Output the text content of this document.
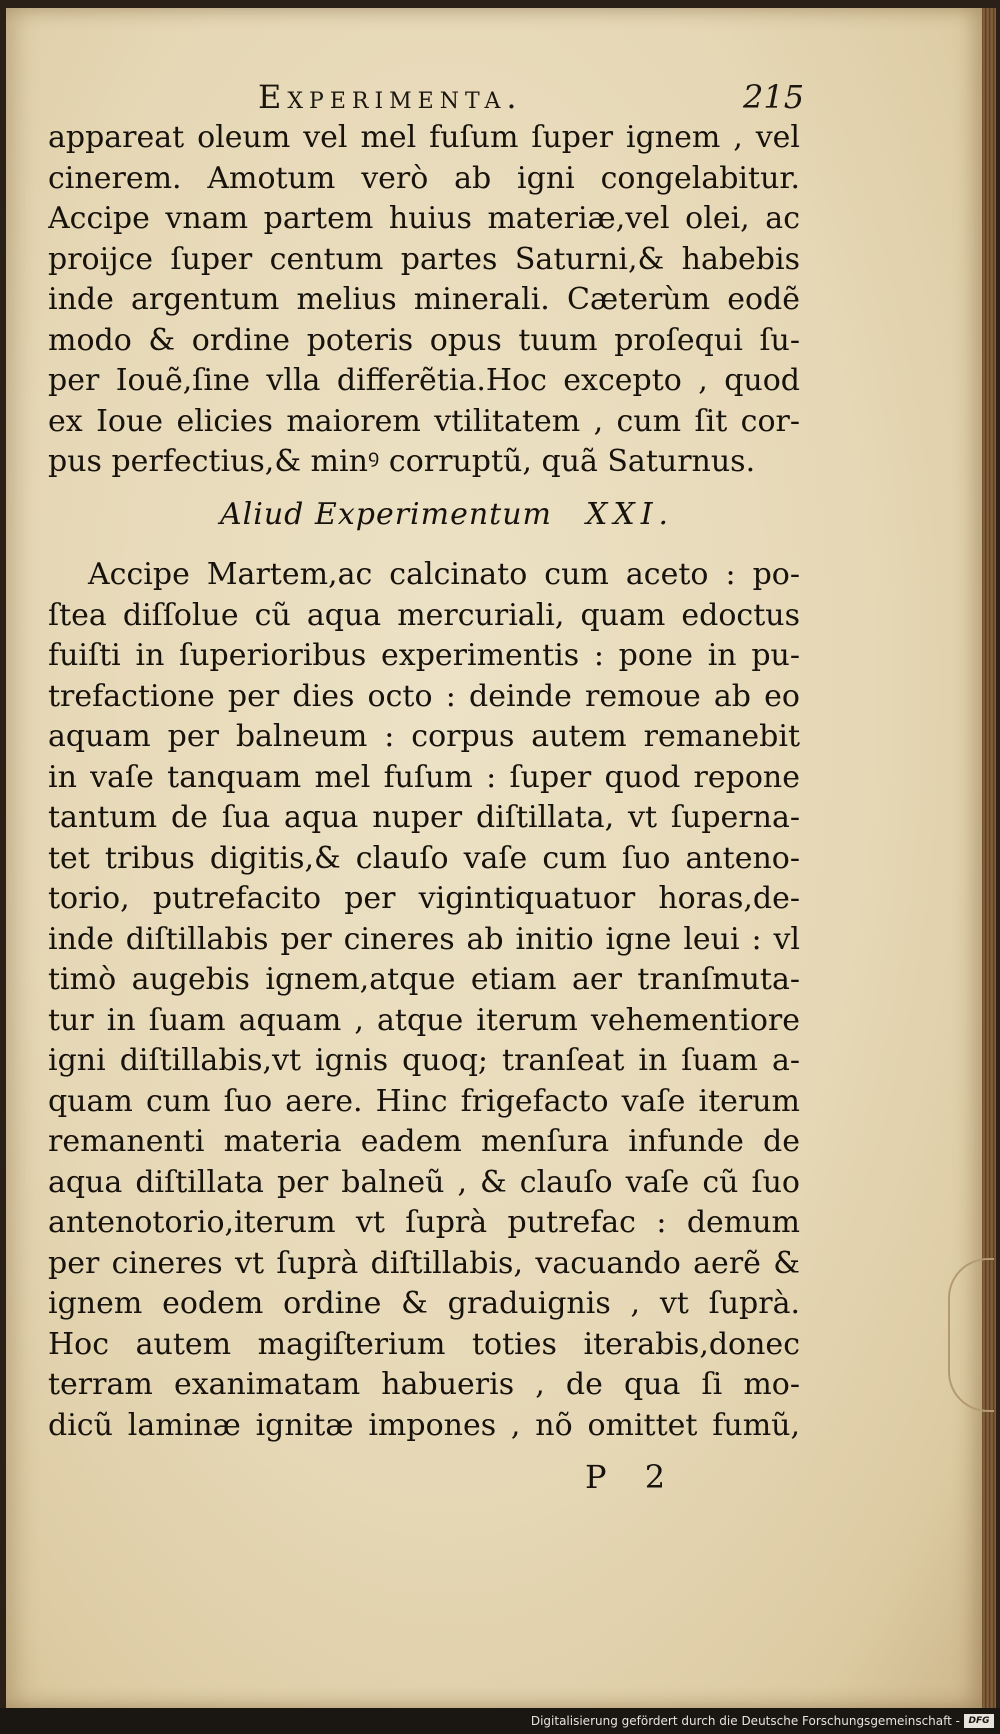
Experimenta.	215
appareat oleum vel mel fuſum ſuper ignem , vel
cinerem. Amotum verò ab igni congelabitur.
Accipe vnam partem huius materiæ,vel olei, ac
proijce ſuper centum partes Saturni,& habebis
inde argentum melius minerali. Cæterùm eodẽ
modo & ordine poteris opus tuum proſequi ſu-
per Iouẽ,ſine vlla differẽtia.Hoc excepto , quod
ex Ioue elicies maiorem vtilitatem , cum ſit cor-
pus perfectius,& minꝰ corruptũ, quã Saturnus.
Aliud Experimentum XXI.
Accipe Martem,ac calcinato cum aceto : po-
ſtea diſſolue cũ aqua mercuriali, quam edoctus
fuiſti in ſuperioribus experimentis : pone in pu-
trefactione per dies octo : deinde remoue ab eo
aquam per balneum : corpus autem remanebit
in vaſe tanquam mel fuſum : ſuper quod repone
tantum de ſua aqua nuper diſtillata, vt ſuperna-
tet tribus digitis,& clauſo vaſe cum ſuo anteno-
torio, putrefacito per vigintiquatuor horas,de-
inde diſtillabis per cineres ab initio igne leui : vl
timò augebis ignem,atque etiam aer tranſmuta-
tur in ſuam aquam , atque iterum vehementiore
igni diſtillabis,vt ignis quoq; tranſeat in ſuam a-
quam cum ſuo aere. Hinc frigefacto vaſe iterum
remanenti materia eadem menſura infunde de
aqua diſtillata per balneũ , & clauſo vaſe cũ ſuo
antenotorio,iterum vt ſuprà putrefac : demum
per cineres vt ſuprà diſtillabis, vacuando aerẽ &
ignem eodem ordine & graduignis , vt ſuprà.
Hoc autem magiſterium toties iterabis,donec
terram exanimatam habueris , de qua ſi mo-
dicũ laminæ ignitæ impones , nõ omittet fumũ,
P 2
Digitalisierung gefördert durch die Deutsche Forschungsgemeinschaft - DFG
